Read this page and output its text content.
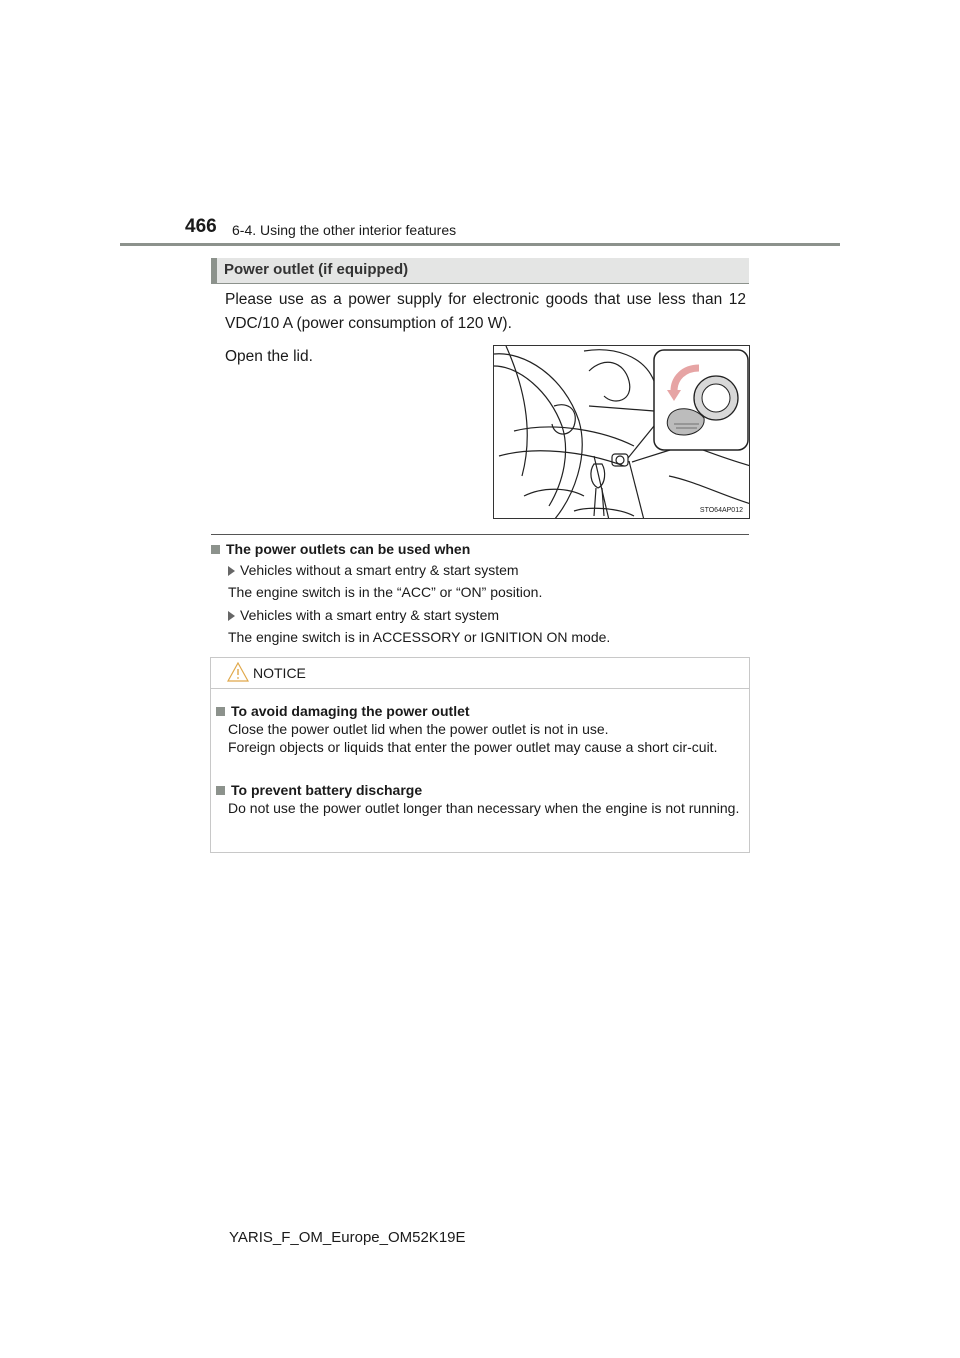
466 6-4. Using the other interior features
Power outlet (if equipped)
Please use as a power supply for electronic goods that use less than 12 VDC/10 A (power consumption of 120 W).
Open the lid.
STO64AP012
The power outlets can be used when
Vehicles without a smart entry & start system
The engine switch is in the “ACC” or “ON” position.
Vehicles with a smart entry & start system
The engine switch is in ACCESSORY or IGNITION ON mode.
NOTICE
To avoid damaging the power outlet
Close the power outlet lid when the power outlet is not in use.
Foreign objects or liquids that enter the power outlet may cause a short cir-cuit.
To prevent battery discharge
Do not use the power outlet longer than necessary when the engine is not running.
YARIS_F_OM_Europe_OM52K19E
